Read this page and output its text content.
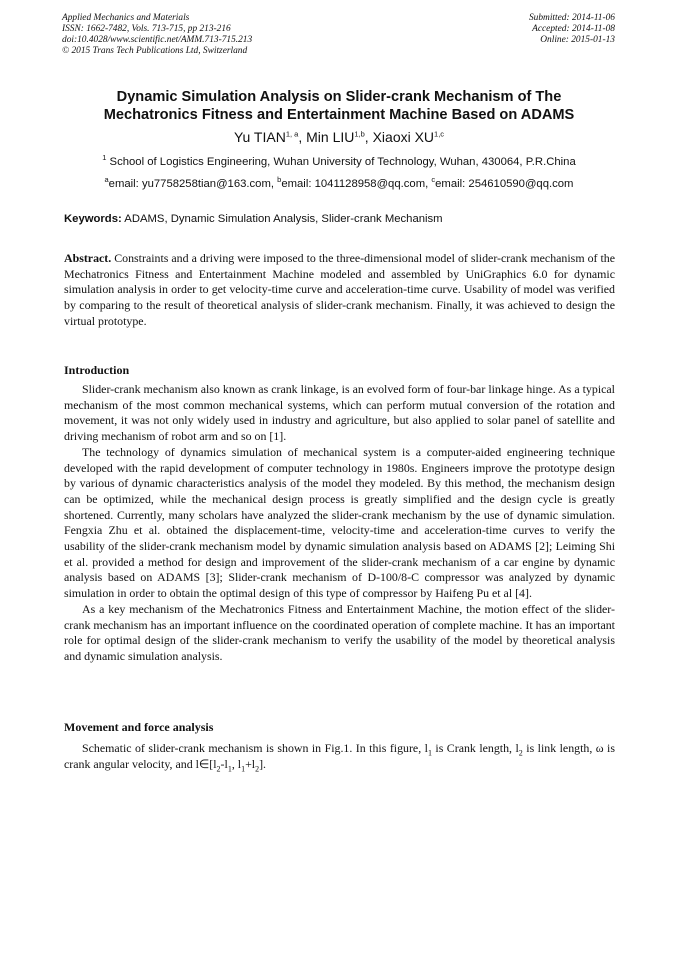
Applied Mechanics and Materials
ISSN: 1662-7482, Vols. 713-715, pp 213-216
doi:10.4028/www.scientific.net/AMM.713-715.213
© 2015 Trans Tech Publications Ltd, Switzerland
Submitted: 2014-11-06
Accepted: 2014-11-08
Online: 2015-01-13
Dynamic Simulation Analysis on Slider-crank Mechanism of The
Mechatronics Fitness and Entertainment Machine Based on ADAMS
Yu TIAN$^{1, a}$, Min LIU$^{1,b}$, Xiaoxi XU$^{1,c}$
$^1$ School of Logistics Engineering, Wuhan University of Technology, Wuhan, 430064, P.R.China
$^a$email: yu7758258tian@163.com, $^b$email: 1041128958@qq.com, $^c$email: 254610590@qq.com
Keywords: ADAMS, Dynamic Simulation Analysis, Slider-crank Mechanism
Abstract. Constraints and a driving were imposed to the three-dimensional model of slider-crank mechanism of the Mechatronics Fitness and Entertainment Machine modeled and assembled by UniGraphics 6.0 for dynamic simulation analysis in order to get velocity-time curve and acceleration-time curve. Usability of model was verified by comparing to the result of theoretical analysis of slider-crank mechanism. Finally, it was achieved to design the virtual prototype.
Introduction

Slider-crank mechanism also known as crank linkage, is an evolved form of four-bar linkage hinge. As a typical mechanism of the most common mechanical systems, which can perform mutual conversion of the rotation and movement, it was not only widely used in industry and agriculture, but also applied to solar panel of satellite and driving mechanism of robot arm and so on [1].

The technology of dynamics simulation of mechanical system is a computer-aided engineering technique developed with the rapid development of computer technology in 1980s. Engineers improve the prototype design by various of dynamic characteristics analysis of the model they modeled. By this method, the mechanism design can be optimized, while the mechanical design process is greatly simplified and the design cycle is greatly shortened. Currently, many scholars have analyzed the slider-crank mechanism by the use of dynamic simulation. Fengxia Zhu et al. obtained the displacement-time, velocity-time and acceleration-time curves to verify the usability of the slider-crank mechanism model by dynamic simulation analysis based on ADAMS [2]; Leiming Shi et al. provided a method for design and improvement of the slider-crank mechanism of a car engine by dynamic analysis based on ADAMS [3]; Slider-crank mechanism of D-100/8-C compressor was analyzed by dynamic simulation in order to obtain the optimal design of this type of compressor by Haifeng Pu et al [4].

As a key mechanism of the Mechatronics Fitness and Entertainment Machine, the motion effect of the slider-crank mechanism has an important influence on the coordinated operation of complete machine. It has an important role for optimal design of the slider-crank mechanism to verify the usability of the model by theoretical analysis and dynamic simulation analysis.

Movement and force analysis

Schematic of slider-crank mechanism is shown in Fig.1. In this figure, $l_1$ is Crank length, $l_2$ is link length, ω is crank angular velocity, and $l\in[l_2-l_1$, $l_1+l_2$].
